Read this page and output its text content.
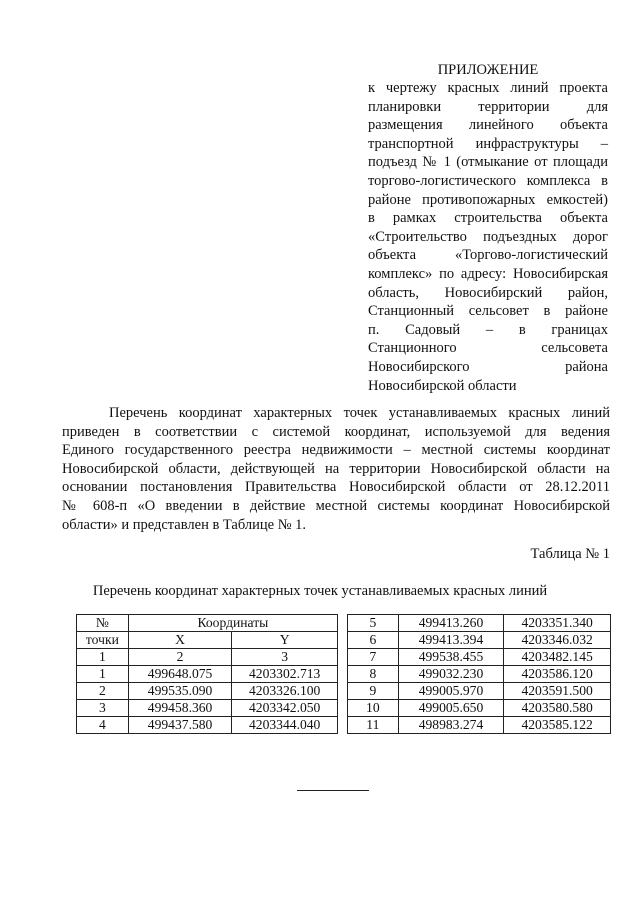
ПРИЛОЖЕНИЕ
к чертежу красных линий проекта
планировки территории для
размещения линейного объекта
транспортной инфраструктуры –
подъезд № 1 (отмыкание от площади
торгово-логистического комплекса в
районе противопожарных емкостей)
в рамках строительства объекта
«Строительство подъездных дорог
объекта «Торгово-логистический
комплекс» по адресу: Новосибирская
область, Новосибирский район,
Станционный сельсовет в районе
п. Садовый – в границах
Станционного сельсовета
Новосибирского района
Новосибирской области
Перечень координат характерных точек устанавливаемых красных линий
приведен в соответствии с системой координат, используемой для ведения
Единого государственного реестра недвижимости – местной системы координат
Новосибирской области, действующей на территории Новосибирской области на
основании постановления Правительства Новосибирской области от 28.12.2011
№ 608-п «О введении в действие местной системы координат Новосибирской
области» и представлен в Таблице № 1.
Таблица № 1
Перечень координат характерных точек устанавливаемых красных линий
№	Координаты	
точки	X	Y
1	2	3
1	499648.075	4203302.713
2	499535.090	4203326.100
3	499458.360	4203342.050
4	499437.580	4203344.040
5	499413.260	4203351.340
6	499413.394	4203346.032
7	499538.455	4203482.145
8	499032.230	4203586.120
9	499005.970	4203591.500
10	499005.650	4203580.580
11	498983.274	4203585.122
